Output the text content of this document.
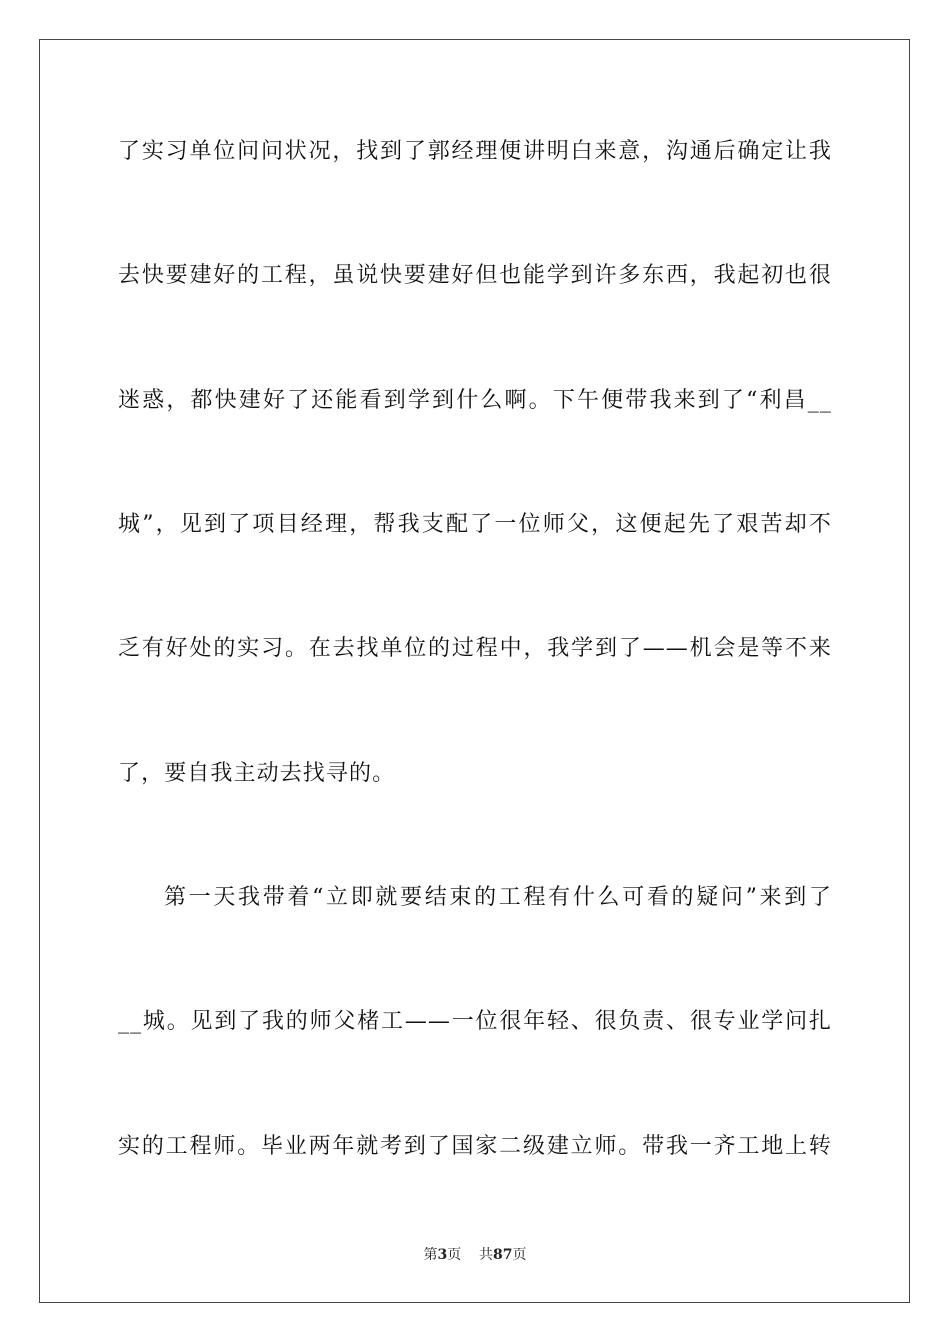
了实习单位问问状况，找到了郭经理便讲明白来意，沟通后确定让我
去快要建好的工程，虽说快要建好但也能学到许多东西，我起初也很
迷惑，都快建好了还能看到学到什么啊。下午便带我来到了“利昌__
城”，见到了项目经理，帮我支配了一位师父，这便起先了艰苦却不
乏有好处的实习。在去找单位的过程中，我学到了——机会是等不来
了，要自我主动去找寻的。
第一天我带着“立即就要结束的工程有什么可看的疑问”来到了
__城。见到了我的师父楮工——一位很年轻、很负责、很专业学问扎
实的工程师。毕业两年就考到了国家二级建立师。带我一齐工地上转
第3页    共87页
